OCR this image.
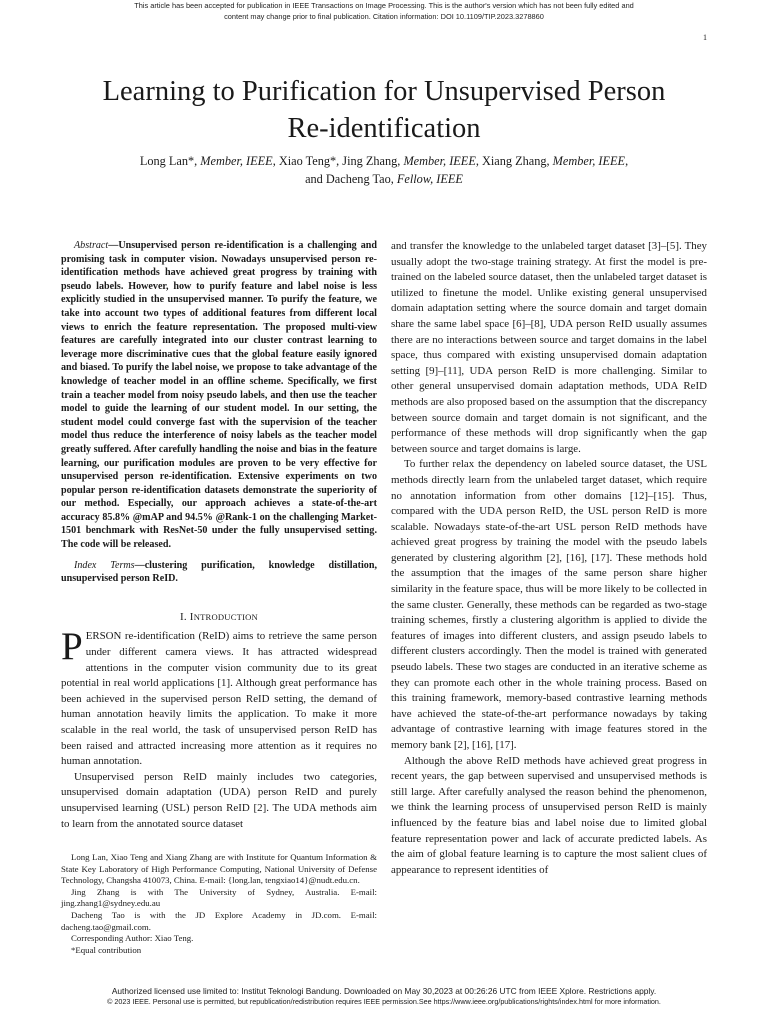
This article has been accepted for publication in IEEE Transactions on Image Processing. This is the author's version which has not been fully edited and
content may change prior to final publication. Citation information: DOI 10.1109/TIP.2023.3278860
1
Learning to Purification for Unsupervised Person
Re-identification
Long Lan*, Member, IEEE, Xiao Teng*, Jing Zhang, Member, IEEE, Xiang Zhang, Member, IEEE,
and Dacheng Tao, Fellow, IEEE

Abstract—Unsupervised person re-identification is a challenging and promising task in computer vision. Nowadays unsupervised person re-identification methods have achieved great progress by training with pseudo labels. However, how to purify feature and label noise is less explicitly studied in the unsupervised manner. To purify the feature, we take into account two types of additional features from different local views to enrich the feature representation. The proposed multi-view features are carefully integrated into our cluster contrast learning to leverage more discriminative cues that the global feature easily ignored and biased. To purify the label noise, we propose to take advantage of the knowledge of teacher model in an offline scheme. Specifically, we first train a teacher model from noisy pseudo labels, and then use the teacher model to guide the learning of our student model. In our setting, the student model could converge fast with the supervision of the teacher model thus reduce the interference of noisy labels as the teacher model greatly suffered. After carefully handling the noise and bias in the feature learning, our purification modules are proven to be very effective for unsupervised person re-identification. Extensive experiments on two popular person re-identification datasets demonstrate the superiority of our method. Especially, our approach achieves a state-of-the-art accuracy 85.8% @mAP and 94.5% @Rank-1 on the challenging Market-1501 benchmark with ResNet-50 under the fully unsupervised setting. The code will be released.

Index Terms—clustering purification, knowledge distillation, unsupervised person ReID.

I. INTRODUCTION

PERSON re-identification (ReID) aims to retrieve the same person under different camera views. It has attracted widespread attentions in the computer vision community due to its great potential in real world applications [1]. Although great performance has been achieved in the supervised person ReID setting, the demand of human annotation heavily limits the application. To make it more scalable in the real world, the task of unsupervised person ReID has been raised and attracted increasing more attention as it requires no human annotation.

Unsupervised person ReID mainly includes two categories, unsupervised domain adaptation (UDA) person ReID and purely unsupervised learning (USL) person ReID [2]. The UDA methods aim to learn from the annotated source dataset

Long Lan, Xiao Teng and Xiang Zhang are with Institute for Quantum Information & State Key Laboratory of High Performance Computing, National University of Defense Technology, Changsha 410073, China. E-mail: {long.lan, tengxiao14}@nudt.edu.cn.

Jing Zhang is with The University of Sydney, Australia. E-mail: jing.zhang1@sydney.edu.au

Dacheng Tao is with the JD Explore Academy in JD.com. E-mail: dacheng.tao@gmail.com.

Corresponding Author: Xiao Teng.

*Equal contribution

and transfer the knowledge to the unlabeled target dataset [3]–[5]. They usually adopt the two-stage training strategy. At first the model is pre-trained on the labeled source dataset, then the unlabeled target dataset is utilized to finetune the model. Unlike existing general unsupervised domain adaptation setting where the source domain and target domain share the same label space [6]–[8], UDA person ReID usually assumes there are no interactions between source and target domains in the label space, thus compared with existing unsupervised domain adaptation setting [9]–[11], UDA person ReID is more challenging. Similar to other general unsupervised domain adaptation methods, UDA ReID methods are also proposed based on the assumption that the discrepancy between source domain and target domain is not significant, and the performance of these methods will drop significantly when the gap between source and target domains is large.

To further relax the dependency on labeled source dataset, the USL methods directly learn from the unlabeled target dataset, which require no annotation information from other domains [12]–[15]. Thus, compared with the UDA person ReID, the USL person ReID is more scalable. Nowadays state-of-the-art USL person ReID methods have achieved great progress by training the model with the pseudo labels generated by clustering algorithm [2], [16], [17]. These methods hold the assumption that the images of the same person share higher similarity in the feature space, thus will be more likely to be collected in the same cluster. Generally, these methods can be regarded as two-stage training schemes, firstly a clustering algorithm is applied to divide the features of images into different clusters, and assign pseudo labels to different clusters accordingly. Then the model is trained with generated pseudo labels. These two stages are conducted in an iterative scheme as they can promote each other in the whole training process. Based on this training framework, memory-based contrastive learning methods have achieved the state-of-the-art performance nowadays by taking advantage of contrastive learning with image features stored in the memory bank [2], [16], [17].

Although the above ReID methods have achieved great progress in recent years, the gap between supervised and unsupervised methods is still large. After carefully analysed the reason behind the phenomenon, we think the learning process of unsupervised person ReID is mainly influenced by the feature bias and label noise due to limited global feature representation power and lack of accurate predicted labels. As the aim of global feature learning is to capture the most salient clues of appearance to represent identities of

Authorized licensed use limited to: Institut Teknologi Bandung. Downloaded on May 30,2023 at 00:26:26 UTC from IEEE Xplore. Restrictions apply.
© 2023 IEEE. Personal use is permitted, but republication/redistribution requires IEEE permission.See https://www.ieee.org/publications/rights/index.html for more information.
